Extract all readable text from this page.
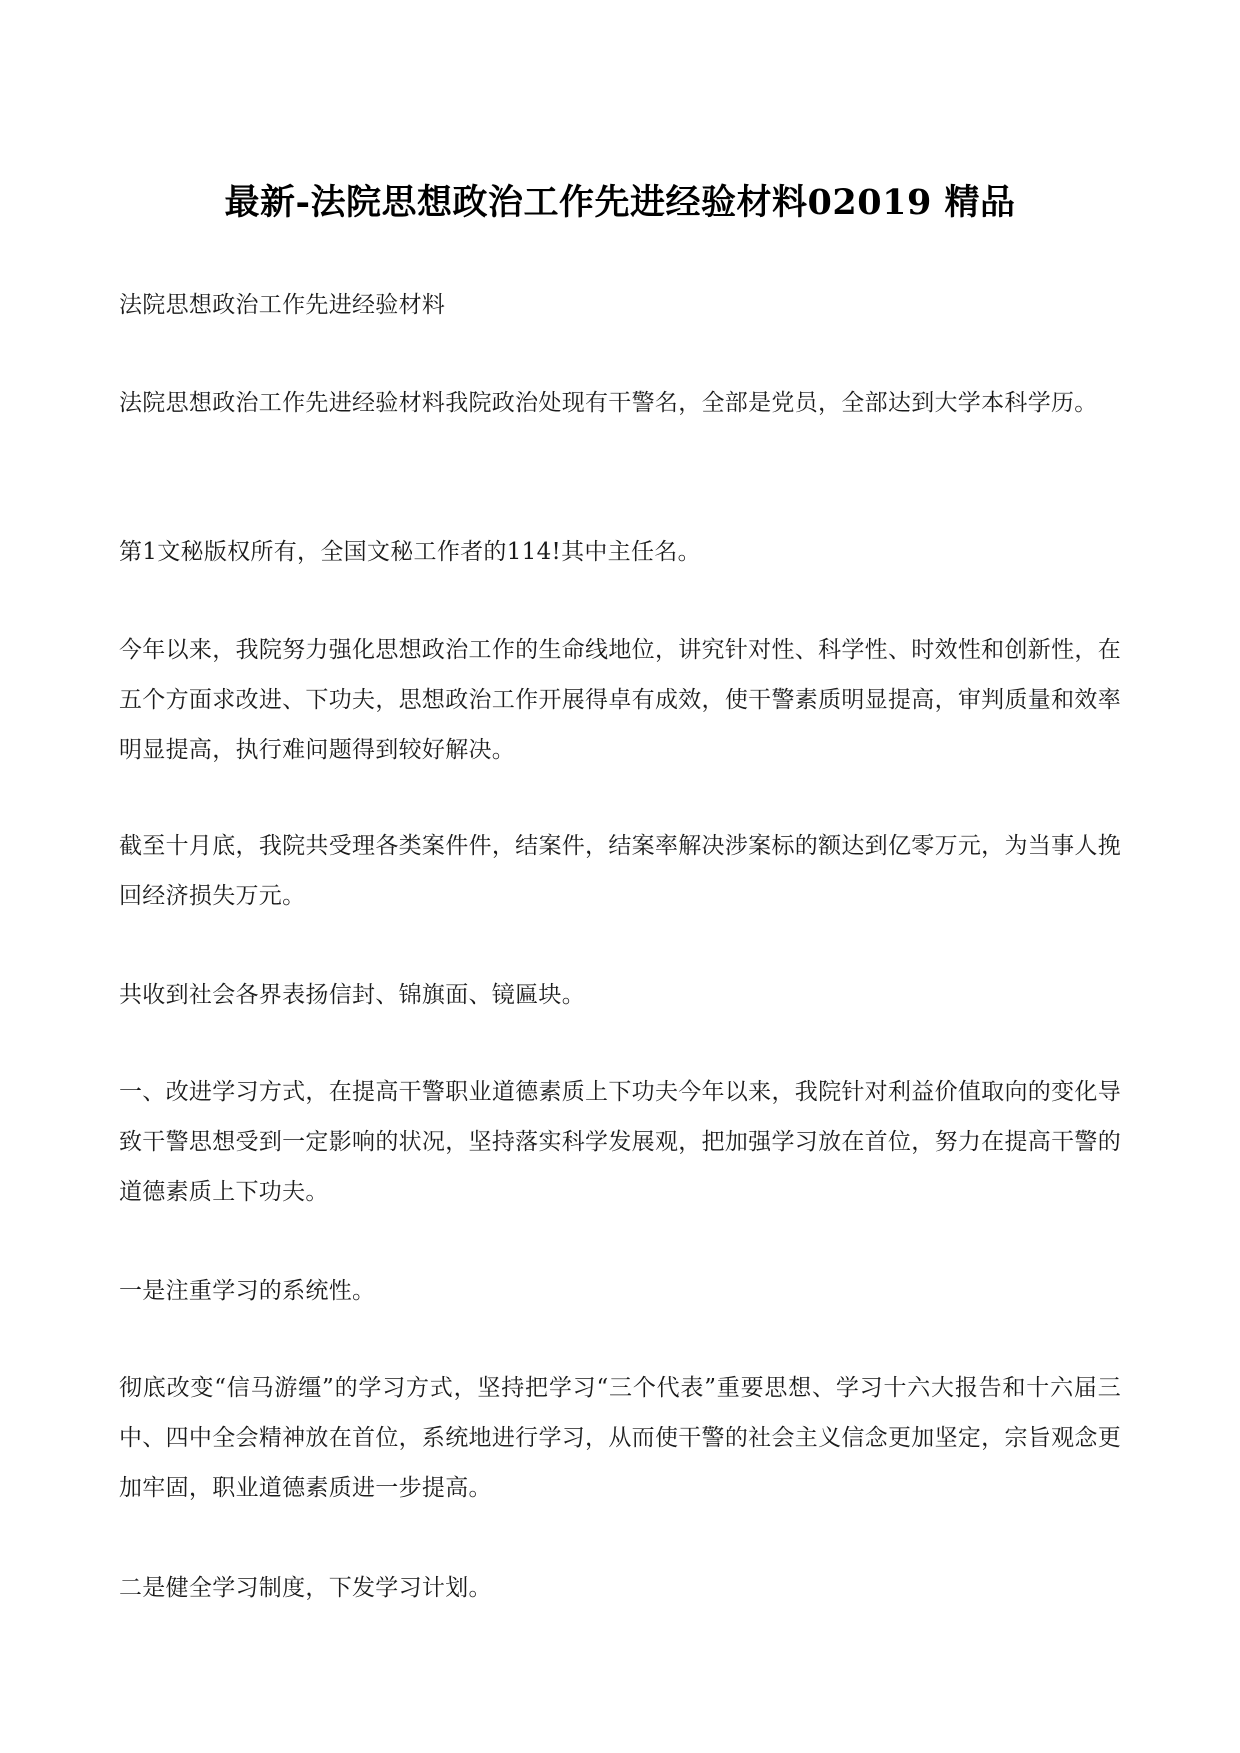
最新-法院思想政治工作先进经验材料02019 精品

法院思想政治工作先进经验材料

法院思想政治工作先进经验材料我院政治处现有干警名，全部是党员，全部达到大学本科学历。

第1文秘版权所有，全国文秘工作者的114!其中主任名。

今年以来，我院努力强化思想政治工作的生命线地位，讲究针对性、科学性、时效性和创新性，在五个方面求改进、下功夫，思想政治工作开展得卓有成效，使干警素质明显提高，审判质量和效率明显提高，执行难问题得到较好解决。

截至十月底，我院共受理各类案件件，结案件，结案率解决涉案标的额达到亿零万元，为当事人挽回经济损失万元。

共收到社会各界表扬信封、锦旗面、镜匾块。

一、改进学习方式，在提高干警职业道德素质上下功夫今年以来，我院针对利益价值取向的变化导致干警思想受到一定影响的状况，坚持落实科学发展观，把加强学习放在首位，努力在提高干警的道德素质上下功夫。

一是注重学习的系统性。

彻底改变“信马游缰”的学习方式，坚持把学习“三个代表”重要思想、学习十六大报告和十六届三中、四中全会精神放在首位，系统地进行学习，从而使干警的社会主义信念更加坚定，宗旨观念更加牢固，职业道德素质进一步提高。

二是健全学习制度，下发学习计划。
